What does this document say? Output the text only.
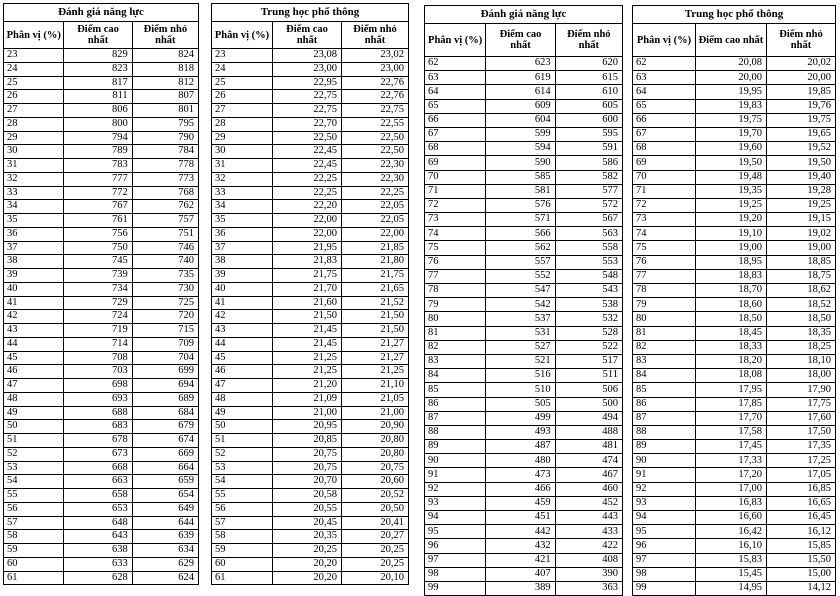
Đánh giá năng lực		
Phân vị (%)	Điểm cao nhất	Điểm nhỏ nhất
23	829	824
24	823	818
25	817	812
26	811	807
27	806	801
28	800	795
29	794	790
30	789	784
31	783	778
32	777	773
33	772	768
34	767	762
35	761	757
36	756	751
37	750	746
38	745	740
39	739	735
40	734	730
41	729	725
42	724	720
43	719	715
44	714	709
45	708	704
46	703	699
47	698	694
48	693	689
49	688	684
50	683	679
51	678	674
52	673	669
53	668	664
54	663	659
55	658	654
56	653	649
57	648	644
58	643	639
59	638	634
60	633	629
61	628	624
Trung học phổ thông		
Phân vị (%)	Điểm cao nhất	Điểm nhỏ nhất
23	23,08	23,02
24	23,00	23,00
25	22,95	22,76
26	22,75	22,76
27	22,75	22,75
28	22,70	22,55
29	22,50	22,50
30	22,45	22,50
31	22,45	22,30
32	22,25	22,30
33	22,25	22,25
34	22,20	22,05
35	22,00	22,05
36	22,00	22,00
37	21,95	21,85
38	21,83	21,80
39	21,75	21,75
40	21,70	21,65
41	21,60	21,52
42	21,50	21,50
43	21,45	21,50
44	21,45	21,27
45	21,25	21,27
46	21,25	21,25
47	21,20	21,10
48	21,09	21,05
49	21,00	21,00
50	20,95	20,90
51	20,85	20,80
52	20,75	20,80
53	20,75	20,75
54	20,70	20,60
55	20,58	20,52
56	20,55	20,50
57	20,45	20,41
58	20,35	20,27
59	20,25	20,25
60	20,20	20,25
61	20,20	20,10
Đánh giá năng lực		
Phân vị (%)	Điểm cao nhất	Điểm nhỏ nhất
62	623	620
63	619	615
64	614	610
65	609	605
66	604	600
67	599	595
68	594	591
69	590	586
70	585	582
71	581	577
72	576	572
73	571	567
74	566	563
75	562	558
76	557	553
77	552	548
78	547	543
79	542	538
80	537	532
81	531	528
82	527	522
83	521	517
84	516	511
85	510	506
86	505	500
87	499	494
88	493	488
89	487	481
90	480	474
91	473	467
92	466	460
93	459	452
94	451	443
95	442	433
96	432	422
97	421	408
98	407	390
99	389	363
Trung học phổ thông		
Phân vị (%)	Điểm cao nhất	Điểm nhỏ nhất
62	20,08	20,02
63	20,00	20,00
64	19,95	19,85
65	19,83	19,76
66	19,75	19,75
67	19,70	19,65
68	19,60	19,52
69	19,50	19,50
70	19,48	19,40
71	19,35	19,28
72	19,25	19,25
73	19,20	19,15
74	19,10	19,02
75	19,00	19,00
76	18,95	18,85
77	18,83	18,75
78	18,70	18,62
79	18,60	18,52
80	18,50	18,50
81	18,45	18,35
82	18,33	18,25
83	18,20	18,10
84	18,08	18,00
85	17,95	17,90
86	17,85	17,75
87	17,70	17,60
88	17,58	17,50
89	17,45	17,35
90	17,33	17,25
91	17,20	17,05
92	17,00	16,85
93	16,83	16,65
94	16,60	16,45
95	16,42	16,12
96	16,10	15,85
97	15,83	15,50
98	15,45	15,00
99	14,95	14,12
